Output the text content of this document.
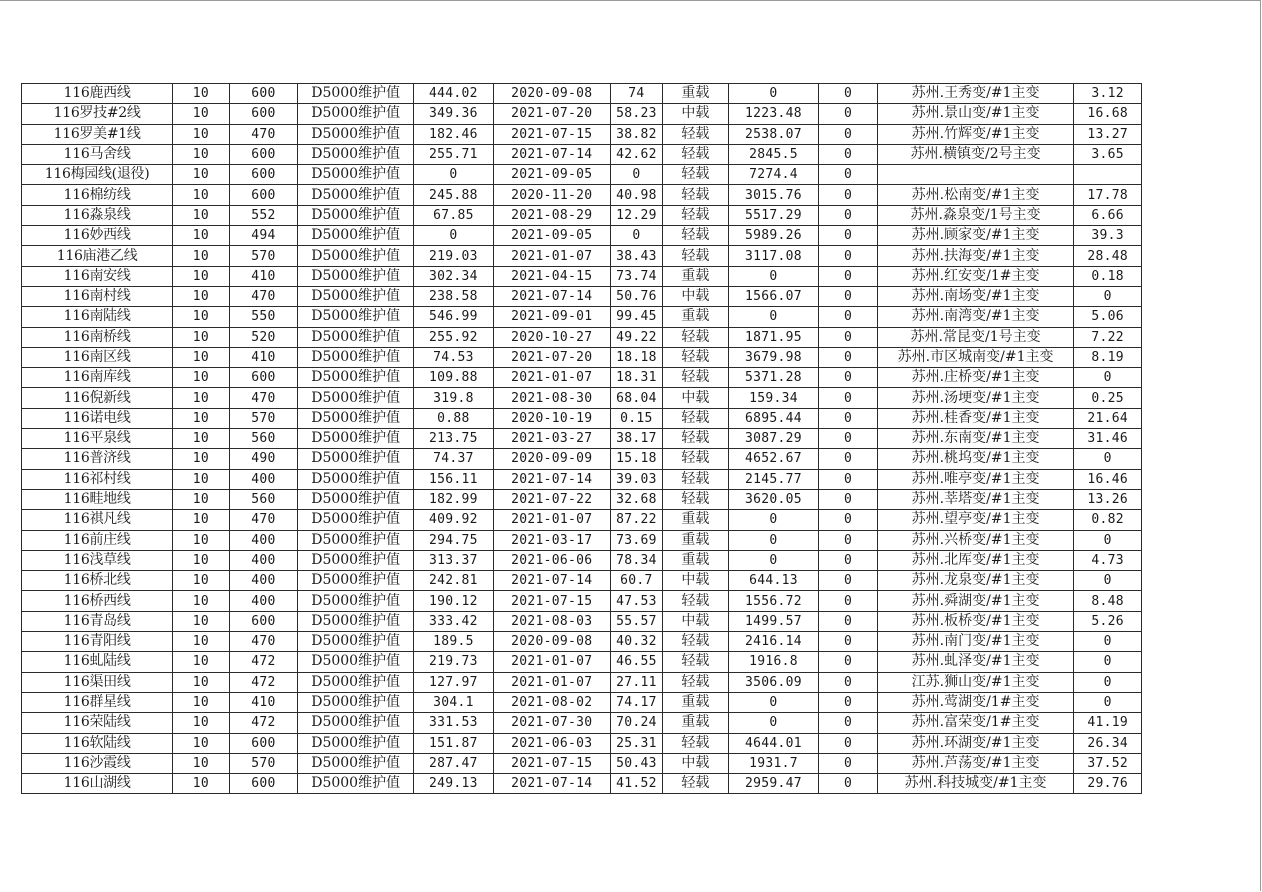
116鹿西线	10	600	D5000维护值	444.02	2020-09-08	74	重载	0	0	苏州.王秀变/#1主变	3.12
116罗技#2线	10	600	D5000维护值	349.36	2021-07-20	58.23	中载	1223.48	0	苏州.景山变/#1主变	16.68
116罗美#1线	10	470	D5000维护值	182.46	2021-07-15	38.82	轻载	2538.07	0	苏州.竹辉变/#1主变	13.27
116马舍线	10	600	D5000维护值	255.71	2021-07-14	42.62	轻载	2845.5	0	苏州.横镇变/2号主变	3.65
116梅园线(退役)	10	600	D5000维护值	0	2021-09-05	0	轻载	7274.4	0		
116棉纺线	10	600	D5000维护值	245.88	2020-11-20	40.98	轻载	3015.76	0	苏州.松南变/#1主变	17.78
116淼泉线	10	552	D5000维护值	67.85	2021-08-29	12.29	轻载	5517.29	0	苏州.淼泉变/1号主变	6.66
116妙西线	10	494	D5000维护值	0	2021-09-05	0	轻载	5989.26	0	苏州.顾家变/#1主变	39.3
116庙港乙线	10	570	D5000维护值	219.03	2021-01-07	38.43	轻载	3117.08	0	苏州.扶海变/#1主变	28.48
116南安线	10	410	D5000维护值	302.34	2021-04-15	73.74	重载	0	0	苏州.红安变/1#主变	0.18
116南村线	10	470	D5000维护值	238.58	2021-07-14	50.76	中载	1566.07	0	苏州.南场变/#1主变	0
116南陆线	10	550	D5000维护值	546.99	2021-09-01	99.45	重载	0	0	苏州.南湾变/#1主变	5.06
116南桥线	10	520	D5000维护值	255.92	2020-10-27	49.22	轻载	1871.95	0	苏州.常昆变/1号主变	7.22
116南区线	10	410	D5000维护值	74.53	2021-07-20	18.18	轻载	3679.98	0	苏州.市区城南变/#1主变	8.19
116南库线	10	600	D5000维护值	109.88	2021-01-07	18.31	轻载	5371.28	0	苏州.庄桥变/#1主变	0
116倪新线	10	470	D5000维护值	319.8	2021-08-30	68.04	中载	159.34	0	苏州.汤埂变/#1主变	0.25
116诺电线	10	570	D5000维护值	0.88	2020-10-19	0.15	轻载	6895.44	0	苏州.桂香变/#1主变	21.64
116平泉线	10	560	D5000维护值	213.75	2021-03-27	38.17	轻载	3087.29	0	苏州.东南变/#1主变	31.46
116普济线	10	490	D5000维护值	74.37	2020-09-09	15.18	轻载	4652.67	0	苏州.桃坞变/#1主变	0
116祁村线	10	400	D5000维护值	156.11	2021-07-14	39.03	轻载	2145.77	0	苏州.唯亭变/#1主变	16.46
116畦地线	10	560	D5000维护值	182.99	2021-07-22	32.68	轻载	3620.05	0	苏州.莘塔变/#1主变	13.26
116祺凡线	10	470	D5000维护值	409.92	2021-01-07	87.22	重载	0	0	苏州.望亭变/#1主变	0.82
116前庄线	10	400	D5000维护值	294.75	2021-03-17	73.69	重载	0	0	苏州.兴桥变/#1主变	0
116浅草线	10	400	D5000维护值	313.37	2021-06-06	78.34	重载	0	0	苏州.北厍变/#1主变	4.73
116桥北线	10	400	D5000维护值	242.81	2021-07-14	60.7	中载	644.13	0	苏州.龙泉变/#1主变	0
116桥西线	10	400	D5000维护值	190.12	2021-07-15	47.53	轻载	1556.72	0	苏州.舜湖变/#1主变	8.48
116青岛线	10	600	D5000维护值	333.42	2021-08-03	55.57	中载	1499.57	0	苏州.板桥变/#1主变	5.26
116青阳线	10	470	D5000维护值	189.5	2020-09-08	40.32	轻载	2416.14	0	苏州.南门变/#1主变	0
116虬陆线	10	472	D5000维护值	219.73	2021-01-07	46.55	轻载	1916.8	0	苏州.虬泽变/#1主变	0
116渠田线	10	472	D5000维护值	127.97	2021-01-07	27.11	轻载	3506.09	0	江苏.狮山变/#1主变	0
116群星线	10	410	D5000维护值	304.1	2021-08-02	74.17	重载	0	0	苏州.莺湖变/1#主变	0
116荣陆线	10	472	D5000维护值	331.53	2021-07-30	70.24	重载	0	0	苏州.富荣变/1#主变	41.19
116软陆线	10	600	D5000维护值	151.87	2021-06-03	25.31	轻载	4644.01	0	苏州.环湖变/#1主变	26.34
116沙霞线	10	570	D5000维护值	287.47	2021-07-15	50.43	中载	1931.7	0	苏州.芦荡变/#1主变	37.52
116山湖线	10	600	D5000维护值	249.13	2021-07-14	41.52	轻载	2959.47	0	苏州.科技城变/#1主变	29.76
